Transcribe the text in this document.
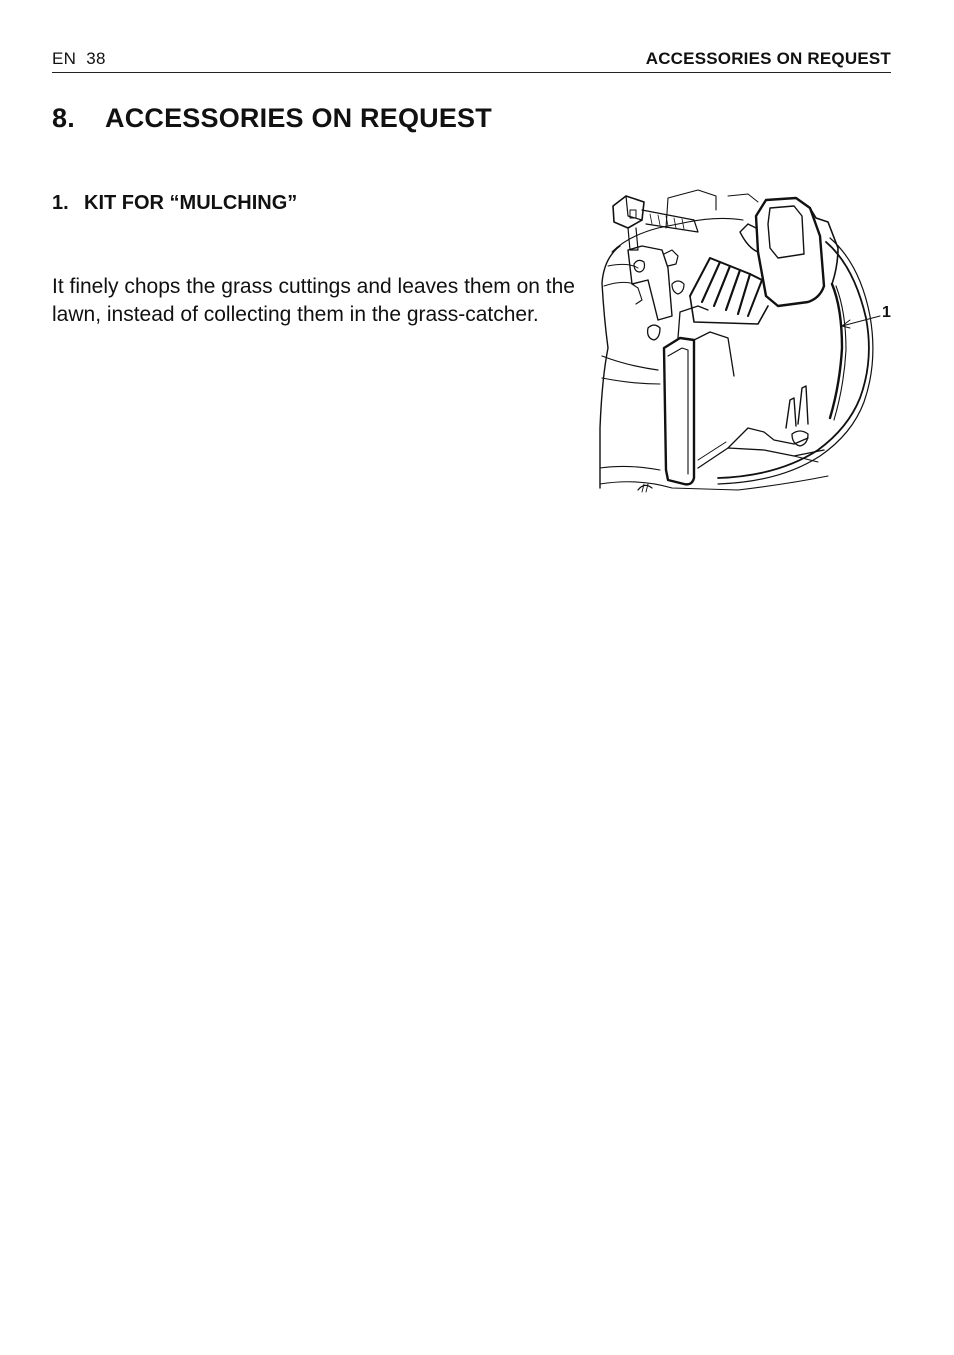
EN 38	ACCESSORIES ON REQUEST
8. ACCESSORIES ON REQUEST
1. KIT FOR “MULCHING”

It finely chops the grass cuttings and leaves them on the lawn, instead of collecting them in the grass-catcher.	1
